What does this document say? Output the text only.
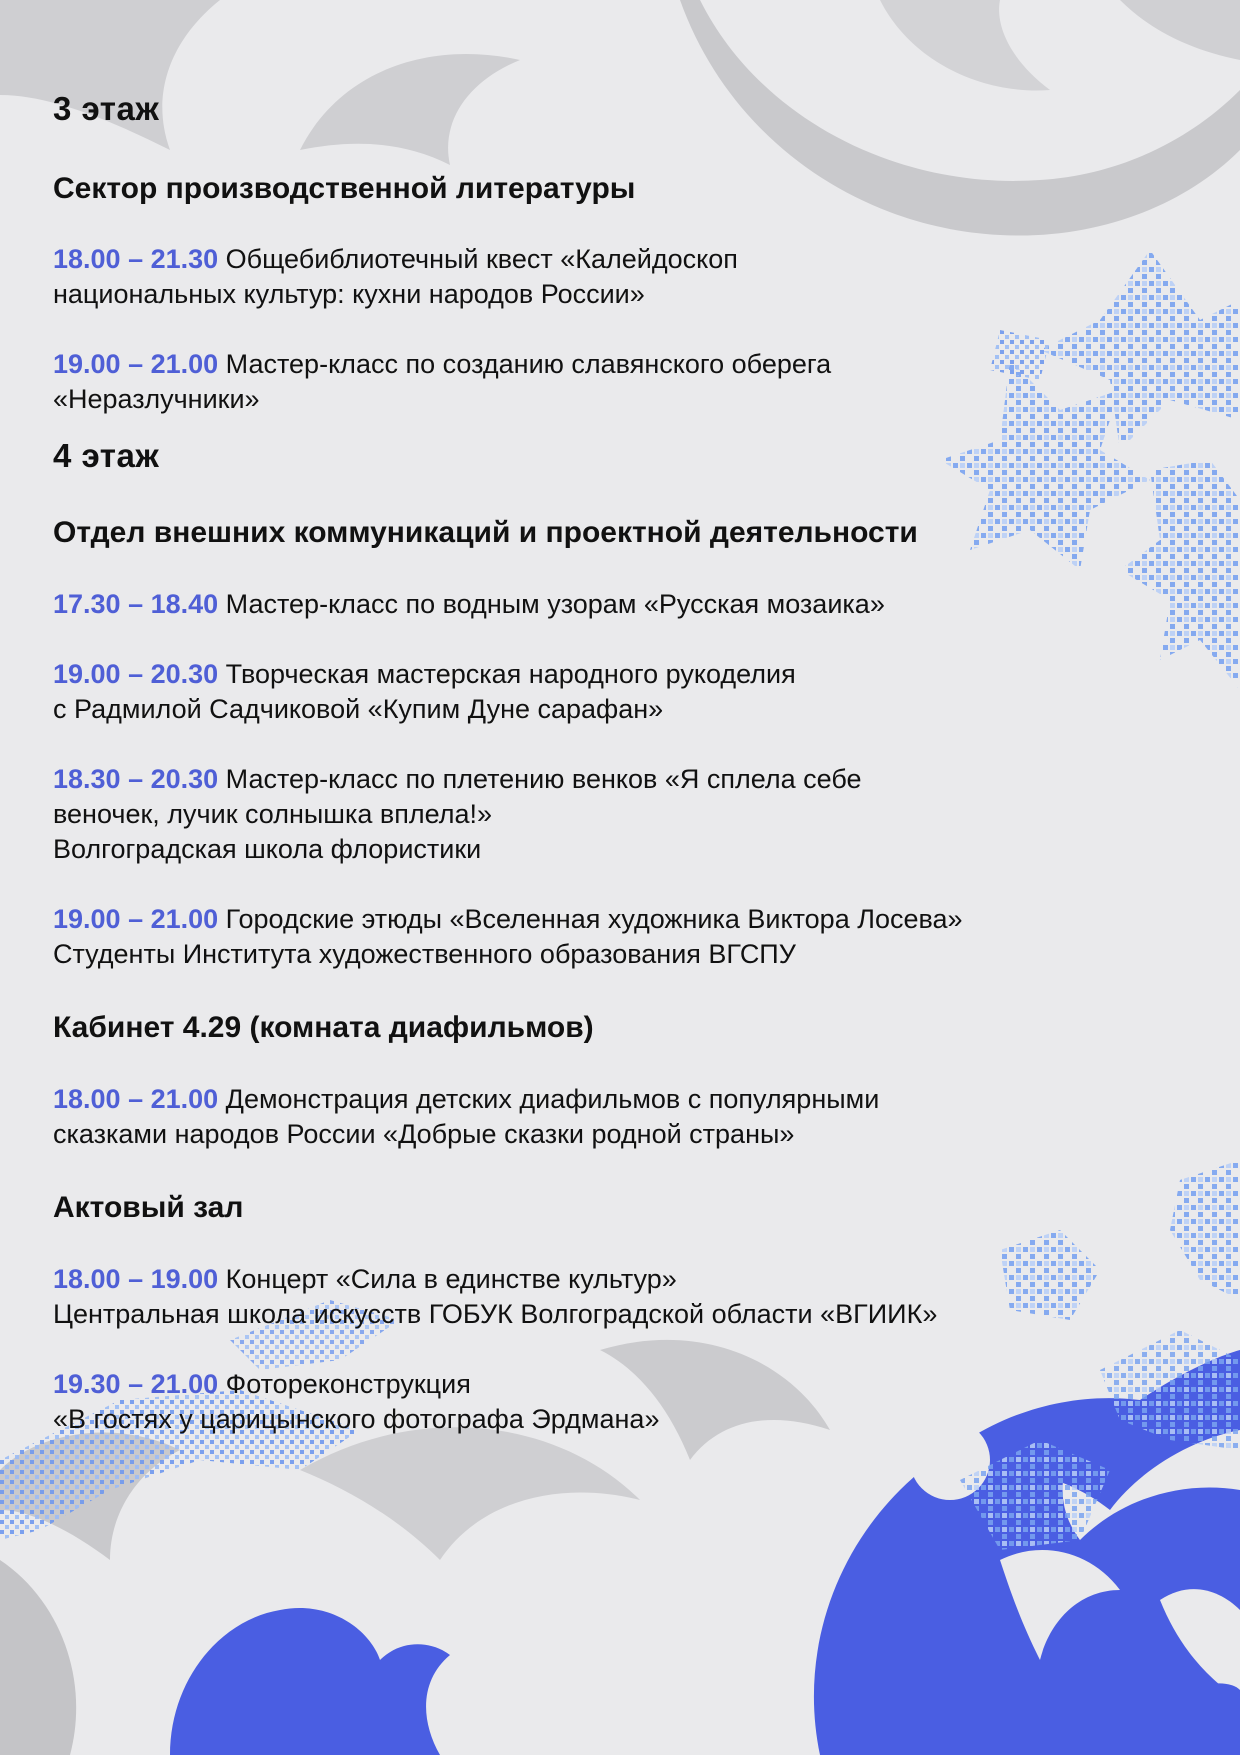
3 этаж
Сектор производственной литературы

18.00 – 21.30 Общебиблиотечный квест «Калейдоскоп
национальных культур: кухни народов России»

19.00 – 21.00 Мастер-класс по созданию славянского оберега
«Неразлучники»

4 этаж
Отдел внешних коммуникаций и проектной деятельности

17.30 – 18.40 Мастер-класс по водным узорам «Русская мозаика»

19.00 – 20.30 Творческая мастерская народного рукоделия
с Радмилой Садчиковой «Купим Дуне сарафан»

18.30 – 20.30 Мастер-класс по плетению венков «Я сплела себе
веночек, лучик солнышка вплела!»
Волгоградская школа флористики

19.00 – 21.00 Городские этюды «Вселенная художника Виктора Лосева»
Студенты Института художественного образования ВГСПУ

Кабинет 4.29 (комната диафильмов)

18.00 – 21.00 Демонстрация детских диафильмов с популярными
сказками народов России «Добрые сказки родной страны»

Актовый зал

18.00 – 19.00 Концерт «Сила в единстве культур»
Центральная школа искусств ГОБУК Волгоградской области «ВГИИК»

19.30 – 21.00 Фотореконструкция
«В гостях у царицынского фотографа Эрдмана»
